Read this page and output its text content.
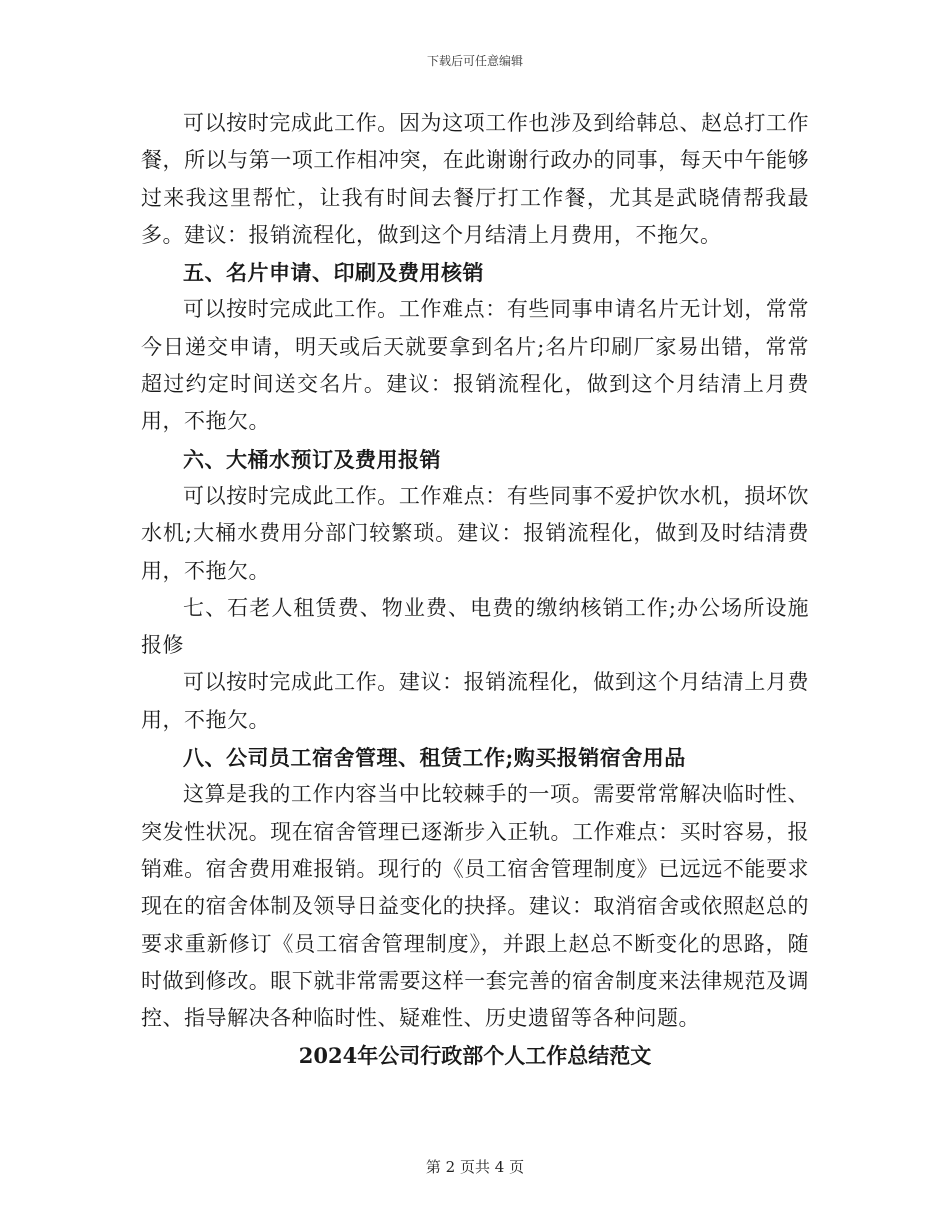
下载后可任意编辑

可以按时完成此工作。因为这项工作也涉及到给韩总、赵总打工作餐，所以与第一项工作相冲突，在此谢谢行政办的同事，每天中午能够过来我这里帮忙，让我有时间去餐厅打工作餐，尤其是武晓倩帮我最多。建议：报销流程化，做到这个月结清上月费用，不拖欠。

五、名片申请、印刷及费用核销

可以按时完成此工作。工作难点：有些同事申请名片无计划，常常今日递交申请，明天或后天就要拿到名片;名片印刷厂家易出错，常常超过约定时间送交名片。建议：报销流程化，做到这个月结清上月费用，不拖欠。

六、大桶水预订及费用报销

可以按时完成此工作。工作难点：有些同事不爱护饮水机，损坏饮水机;大桶水费用分部门较繁琐。建议：报销流程化，做到及时结清费用，不拖欠。

七、石老人租赁费、物业费、电费的缴纳核销工作;办公场所设施报修

可以按时完成此工作。建议：报销流程化，做到这个月结清上月费用，不拖欠。

八、公司员工宿舍管理、租赁工作;购买报销宿舍用品

这算是我的工作内容当中比较棘手的一项。需要常常解决临时性、突发性状况。现在宿舍管理已逐渐步入正轨。工作难点：买时容易，报销难。宿舍费用难报销。现行的《员工宿舍管理制度》已远远不能要求现在的宿舍体制及领导日益变化的抉择。建议：取消宿舍或依照赵总的要求重新修订《员工宿舍管理制度》，并跟上赵总不断变化的思路，随时做到修改。眼下就非常需要这样一套完善的宿舍制度来法律规范及调控、指导解决各种临时性、疑难性、历史遗留等各种问题。

2024年公司行政部个人工作总结范文

第 2 页共 4 页
